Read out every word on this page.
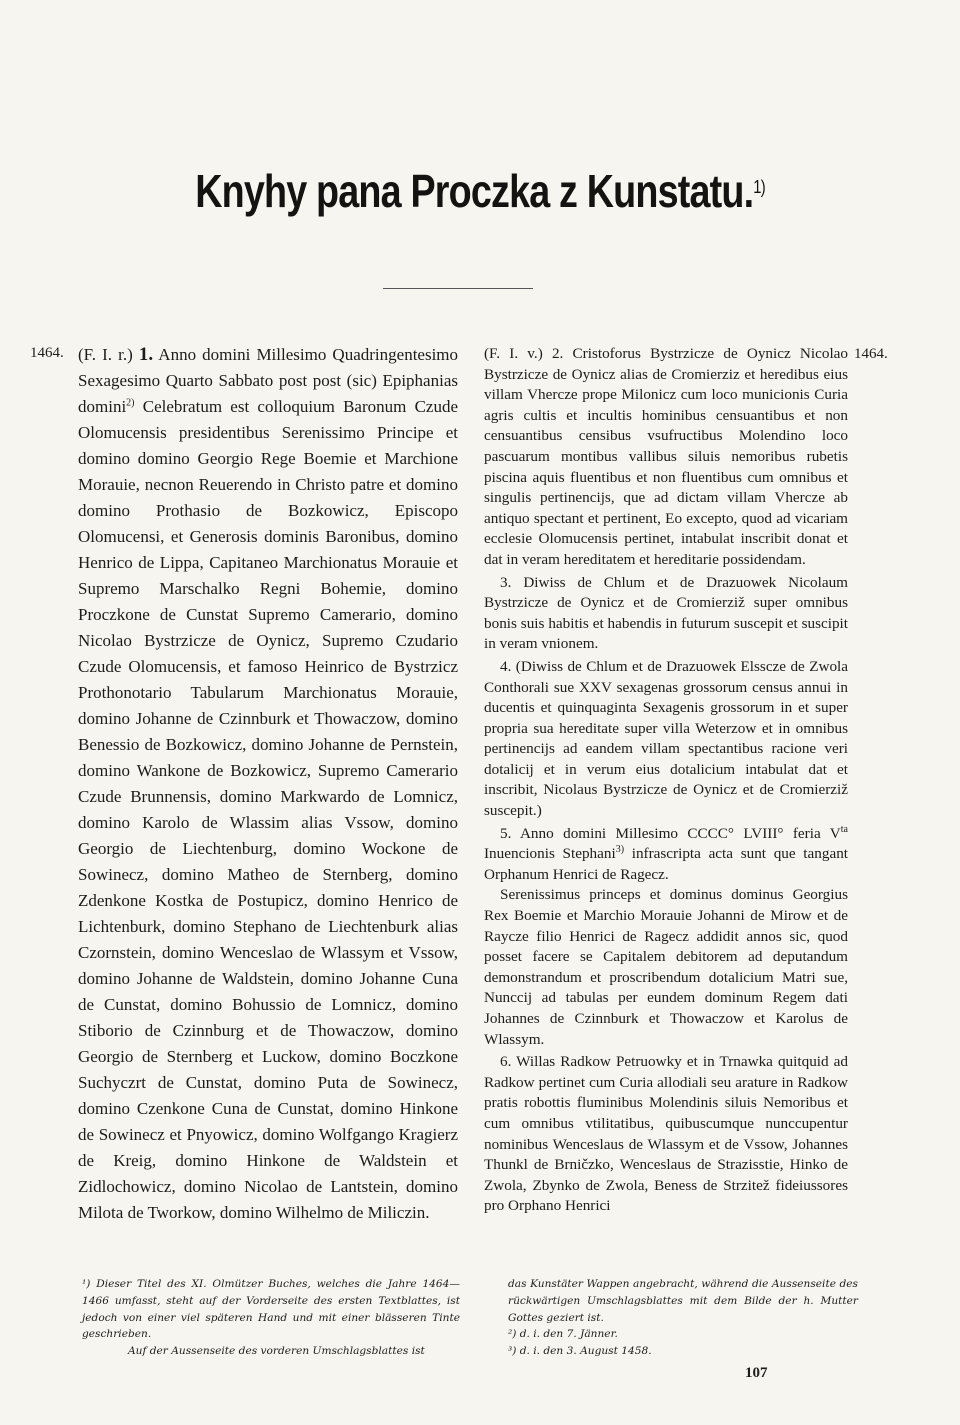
Knyhy pana Proczka z Kunstatu.$^{1)}$
1464.	1464.

(F. I. r.) 1. Anno domini Millesimo Quadringentesimo Sexagesimo Quarto Sabbato post post (sic) Epiphanias domini$^{2)}$ Celebratum est colloquium Baronum Czude Olomucensis presidentibus Serenissimo Principe et domino domino Georgio Rege Boemie et Marchione Morauie, necnon Reuerendo in Christo patre et domino domino Prothasio de Bozkowicz, Episcopo Olomucensi, et Generosis dominis Baronibus, domino Henrico de Lippa, Capitaneo Marchionatus Morauie et Supremo Marschalko Regni Bohemie, domino Proczkone de Cunstat Supremo Camerario, domino Nicolao Bystrzicze de Oynicz, Supremo Czudario Czude Olomucensis, et famoso Heinrico de Bystrzicz Prothonotario Tabularum Marchionatus Morauie, domino Johanne de Czinnburk et Thowaczow, domino Benessio de Bozkowicz, domino Johanne de Pernstein, domino Wankone de Bozkowicz, Supremo Camerario Czude Brunnensis, domino Markwardo de Lomnicz, domino Karolo de Wlassim alias Vssow, domino Georgio de Liechtenburg, domino Wockone de Sowinecz, domino Matheo de Sternberg, domino Zdenkone Kostka de Postupicz, domino Henrico de Lichtenburk, domino Stephano de Liechtenburk alias Czornstein, domino Wenceslao de Wlassym et Vssow, domino Johanne de Waldstein, domino Johanne Cuna de Cunstat, domino Bohussio de Lomnicz, domino Stiborio de Czinnburg et de Thowaczow, domino Georgio de Sternberg et Luckow, domino Boczkone Suchyczrt de Cunstat, domino Puta de Sowinecz, domino Czenkone Cuna de Cunstat, domino Hinkone de Sowinecz et Pnyowicz, domino Wolfgango Kragierz de Kreig, domino Hinkone de Waldstein et Zidlochowicz, domino Nicolao de Lantstein, domino Milota de Tworkow, domino Wilhelmo de Miliczin.

(F. I. v.) 2. Cristoforus Bystrzicze de Oynicz Nicolao Bystrzicze de Oynicz alias de Cromierziz et heredibus eius villam Vhercze prope Milonicz cum loco municionis Curia agris cultis et incultis hominibus censuantibus et non censuantibus censibus vsufructibus Molendino loco pascuarum montibus vallibus siluis nemoribus rubetis piscina aquis fluentibus et non fluentibus cum omnibus et singulis pertinencijs, que ad dictam villam Vhercze ab antiquo spectant et pertinent, Eo excepto, quod ad vicariam ecclesie Olomucensis pertinet, intabulat inscribit donat et dat in veram hereditatem et hereditarie possidendam.

3. Diwiss de Chlum et de Drazuowek Nicolaum Bystrzicze de Oynicz et de Cromierziž super omnibus bonis suis habitis et habendis in futurum suscepit et suscipit in veram vnionem.

4. (Diwiss de Chlum et de Drazuowek Elsscze de Zwola Conthorali sue XXV sexagenas grossorum census annui in ducentis et quinquaginta Sexagenis grossorum in et super propria sua hereditate super villa Weterzow et in omnibus pertinencijs ad eandem villam spectantibus racione veri dotalicij et in verum eius dotalicium intabulat dat et inscribit, Nicolaus Bystrzicze de Oynicz et de Cromierziž suscepit.)

5. Anno domini Millesimo CCCC° LVIII° feria V$^{ta}$ Inuencionis Stephani$^{3)}$ infrascripta acta sunt que tangant Orphanum Henrici de Ragecz.

Serenissimus princeps et dominus dominus Georgius Rex Boemie et Marchio Morauie Johanni de Mirow et de Raycze filio Henrici de Ragecz addidit annos sic, quod posset facere se Capitalem debitorem ad deputandum demonstrandum et proscribendum dotalicium Matri sue, Nunccij ad tabulas per eundem dominum Regem dati Johannes de Czinnburk et Thowaczow et Karolus de Wlassym.

6. Willas Radkow Petruowky et in Trnawka quitquid ad Radkow pertinet cum Curia allodiali seu arature in Radkow pratis robottis fluminibus Molendinis siluis Nemoribus et cum omnibus vtilitatibus, quibuscumque nunccupentur nominibus Wenceslaus de Wlassym et de Vssow, Johannes Thunkl de Brničzko, Wenceslaus de Strazisstie, Hinko de Zwola, Zbynko de Zwola, Beness de Strzitež fideiussores pro Orphano Henrici

¹) Dieser Titel des XI. Olmützer Buches, welches die Jahre 1464—1466 umfasst, steht auf der Vorderseite des ersten Textblattes, ist jedoch von einer viel späteren Hand und mit einer blässeren Tinte geschrieben.

Auf der Aussenseite des vorderen Umschlagsblattes ist

das Kunstäter Wappen angebracht, während die Aussenseite des rückwärtigen Umschlagsblattes mit dem Bilde der h. Mutter Gottes geziert ist.

²) d. i. den 7. Jänner.

³) d. i. den 3. August 1458.

107
